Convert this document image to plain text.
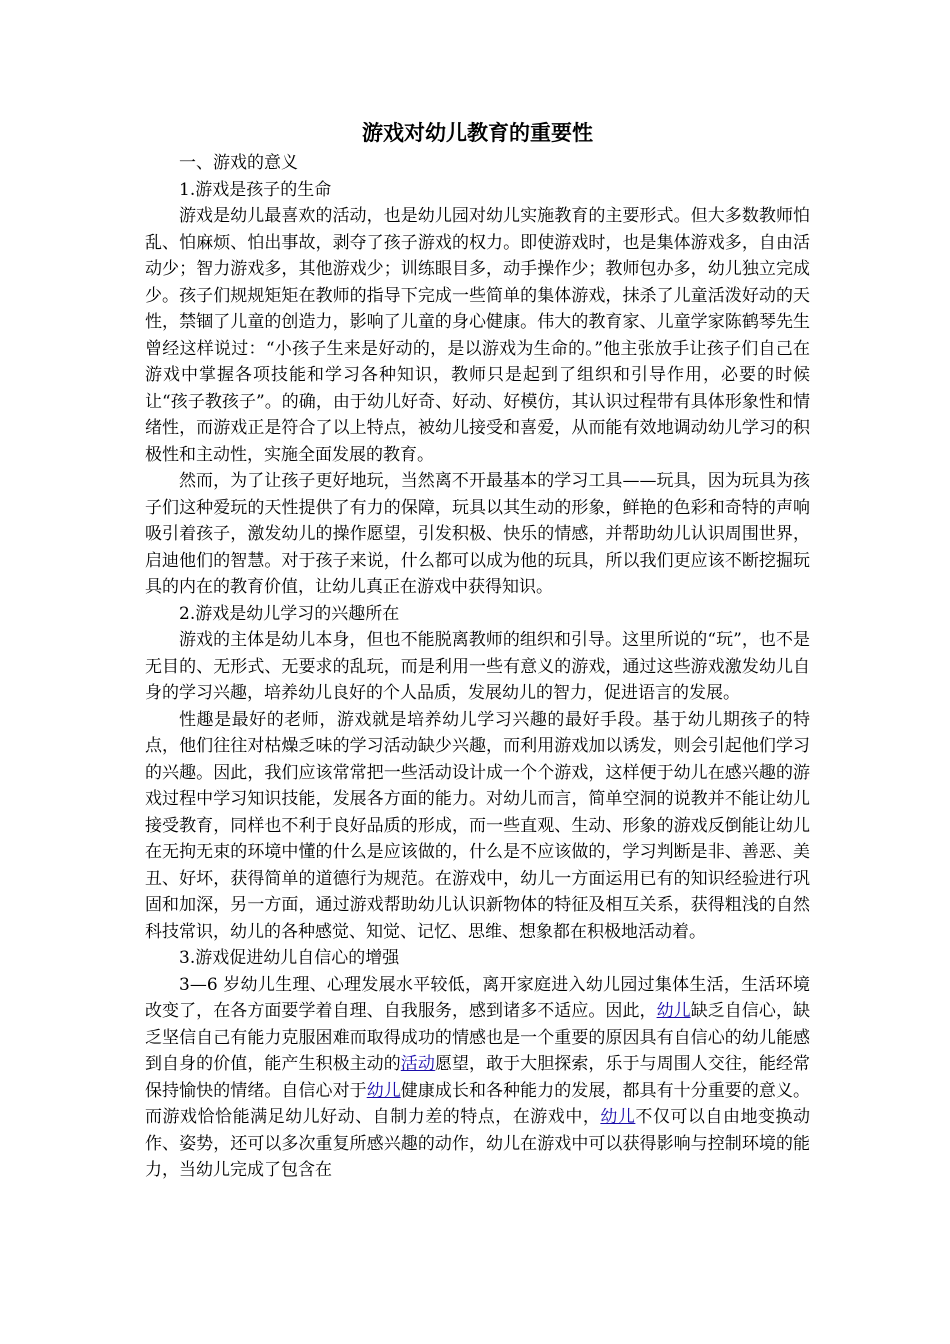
游戏对幼儿教育的重要性

一、游戏的意义

1.游戏是孩子的生命

游戏是幼儿最喜欢的活动，也是幼儿园对幼儿实施教育的主要形式。但大多数教师怕乱、怕麻烦、怕出事故，剥夺了孩子游戏的权力。即使游戏时，也是集体游戏多，自由活动少；智力游戏多，其他游戏少；训练眼目多，动手操作少；教师包办多，幼儿独立完成少。孩子们规规矩矩在教师的指导下完成一些简单的集体游戏，抹杀了儿童活泼好动的天性，禁锢了儿童的创造力，影响了儿童的身心健康。伟大的教育家、儿童学家陈鹤琴先生曾经这样说过：“小孩子生来是好动的，是以游戏为生命的。”他主张放手让孩子们自己在游戏中掌握各项技能和学习各种知识，教师只是起到了组织和引导作用，必要的时候让“孩子教孩子”。的确，由于幼儿好奇、好动、好模仿，其认识过程带有具体形象性和情绪性，而游戏正是符合了以上特点，被幼儿接受和喜爱，从而能有效地调动幼儿学习的积极性和主动性，实施全面发展的教育。

然而，为了让孩子更好地玩，当然离不开最基本的学习工具——玩具，因为玩具为孩子们这种爱玩的天性提供了有力的保障，玩具以其生动的形象，鲜艳的色彩和奇特的声响吸引着孩子，激发幼儿的操作愿望，引发积极、快乐的情感，并帮助幼儿认识周围世界，启迪他们的智慧。对于孩子来说，什么都可以成为他的玩具，所以我们更应该不断挖掘玩具的内在的教育价值，让幼儿真正在游戏中获得知识。

2.游戏是幼儿学习的兴趣所在

游戏的主体是幼儿本身，但也不能脱离教师的组织和引导。这里所说的“玩”，也不是无目的、无形式、无要求的乱玩，而是利用一些有意义的游戏，通过这些游戏激发幼儿自身的学习兴趣，培养幼儿良好的个人品质，发展幼儿的智力，促进语言的发展。

性趣是最好的老师，游戏就是培养幼儿学习兴趣的最好手段。基于幼儿期孩子的特点，他们往往对枯燥乏味的学习活动缺少兴趣，而利用游戏加以诱发，则会引起他们学习的兴趣。因此，我们应该常常把一些活动设计成一个个游戏，这样便于幼儿在感兴趣的游戏过程中学习知识技能，发展各方面的能力。对幼儿而言，简单空洞的说教并不能让幼儿接受教育，同样也不利于良好品质的形成，而一些直观、生动、形象的游戏反倒能让幼儿在无拘无束的环境中懂的什么是应该做的，什么是不应该做的，学习判断是非、善恶、美丑、好坏，获得简单的道德行为规范。在游戏中，幼儿一方面运用已有的知识经验进行巩固和加深，另一方面，通过游戏帮助幼儿认识新物体的特征及相互关系，获得粗浅的自然科技常识，幼儿的各种感觉、知觉、记忆、思维、想象都在积极地活动着。

3.游戏促进幼儿自信心的增强

3—6 岁幼儿生理、心理发展水平较低，离开家庭进入幼儿园过集体生活，生活环境改变了，在各方面要学着自理、自我服务，感到诸多不适应。因此，幼儿缺乏自信心，缺乏坚信自己有能力克服困难而取得成功的情感也是一个重要的原因具有自信心的幼儿能感到自身的价值，能产生积极主动的活动愿望，敢于大胆探索，乐于与周围人交往，能经常保持愉快的情绪。自信心对于幼儿健康成长和各种能力的发展，都具有十分重要的意义。而游戏恰恰能满足幼儿好动、自制力差的特点，在游戏中，幼儿不仅可以自由地变换动作、姿势，还可以多次重复所感兴趣的动作，幼儿在游戏中可以获得影响与控制环境的能力，当幼儿完成了包含在
